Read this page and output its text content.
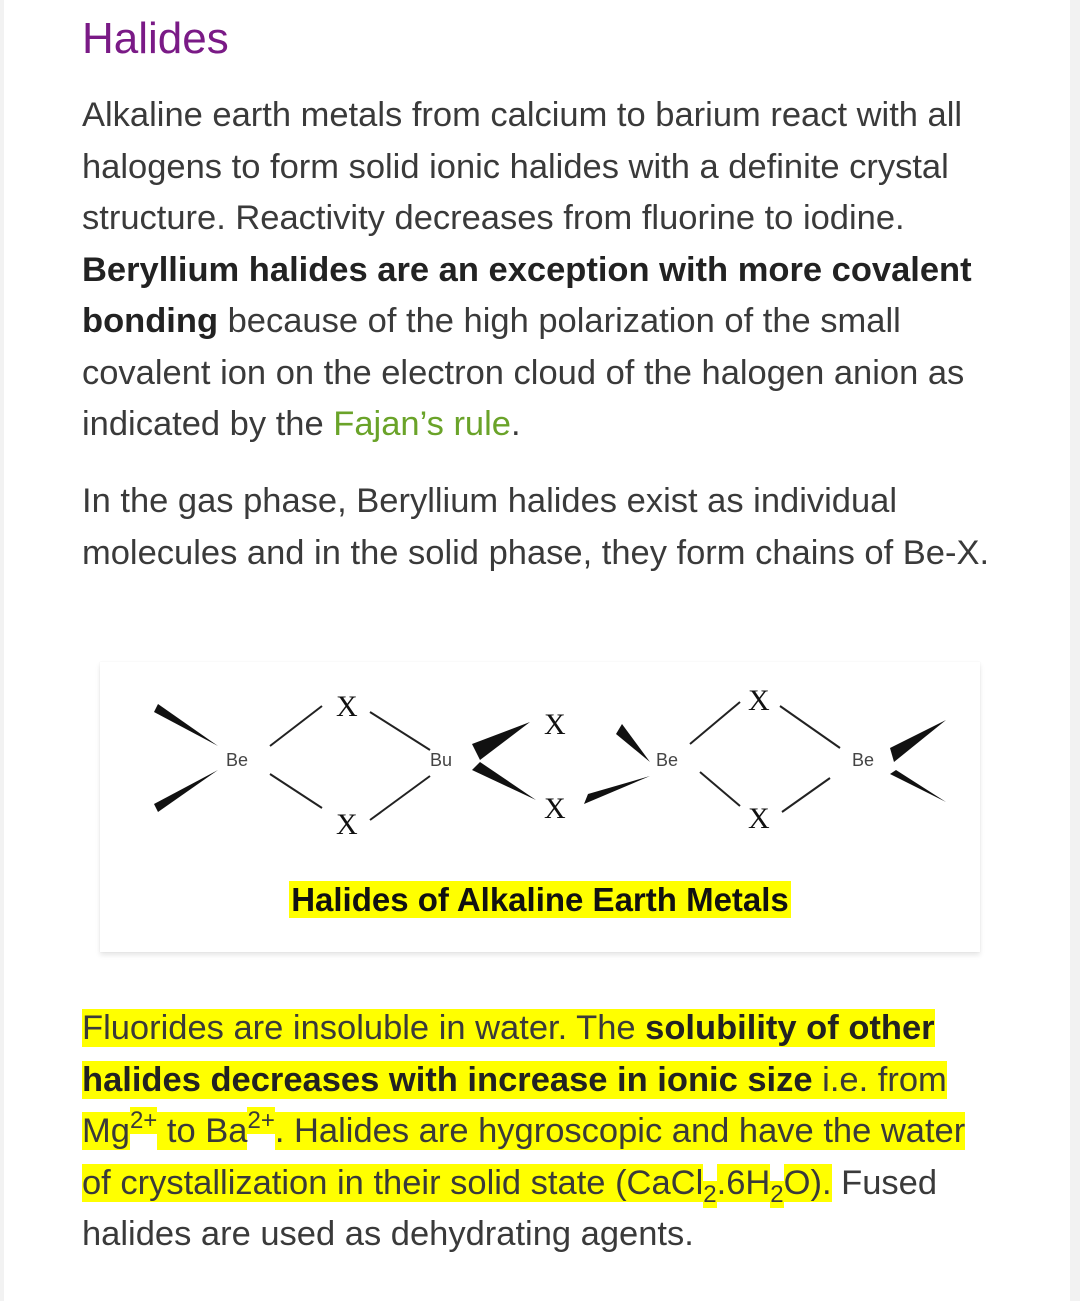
Halides

Alkaline earth metals from calcium to barium react with all halogens to form solid ionic halides with a definite crystal structure. Reactivity decreases from fluorine to iodine. Beryllium halides are an exception with more covalent bonding because of the high polarization of the small covalent ion on the electron cloud of the halogen anion as indicated by the Fajan’s rule.

In the gas phase, Beryllium halides exist as individual molecules and in the solid phase, they form chains of Be-X.

Fluorides are insoluble in water. The solubility of other halides decreases with increase in ionic size i.e. from $Mg^{2+}$ to $Ba^{2+}$. Halides are hygroscopic and have the water of crystallization in their solid state $(CaCl_2.6H_2O)$. Fused halides are used as dehydrating agents.

Be
X
X
Bu
X
X
Be
X
X
Be
Halides of Alkaline Earth Metals
